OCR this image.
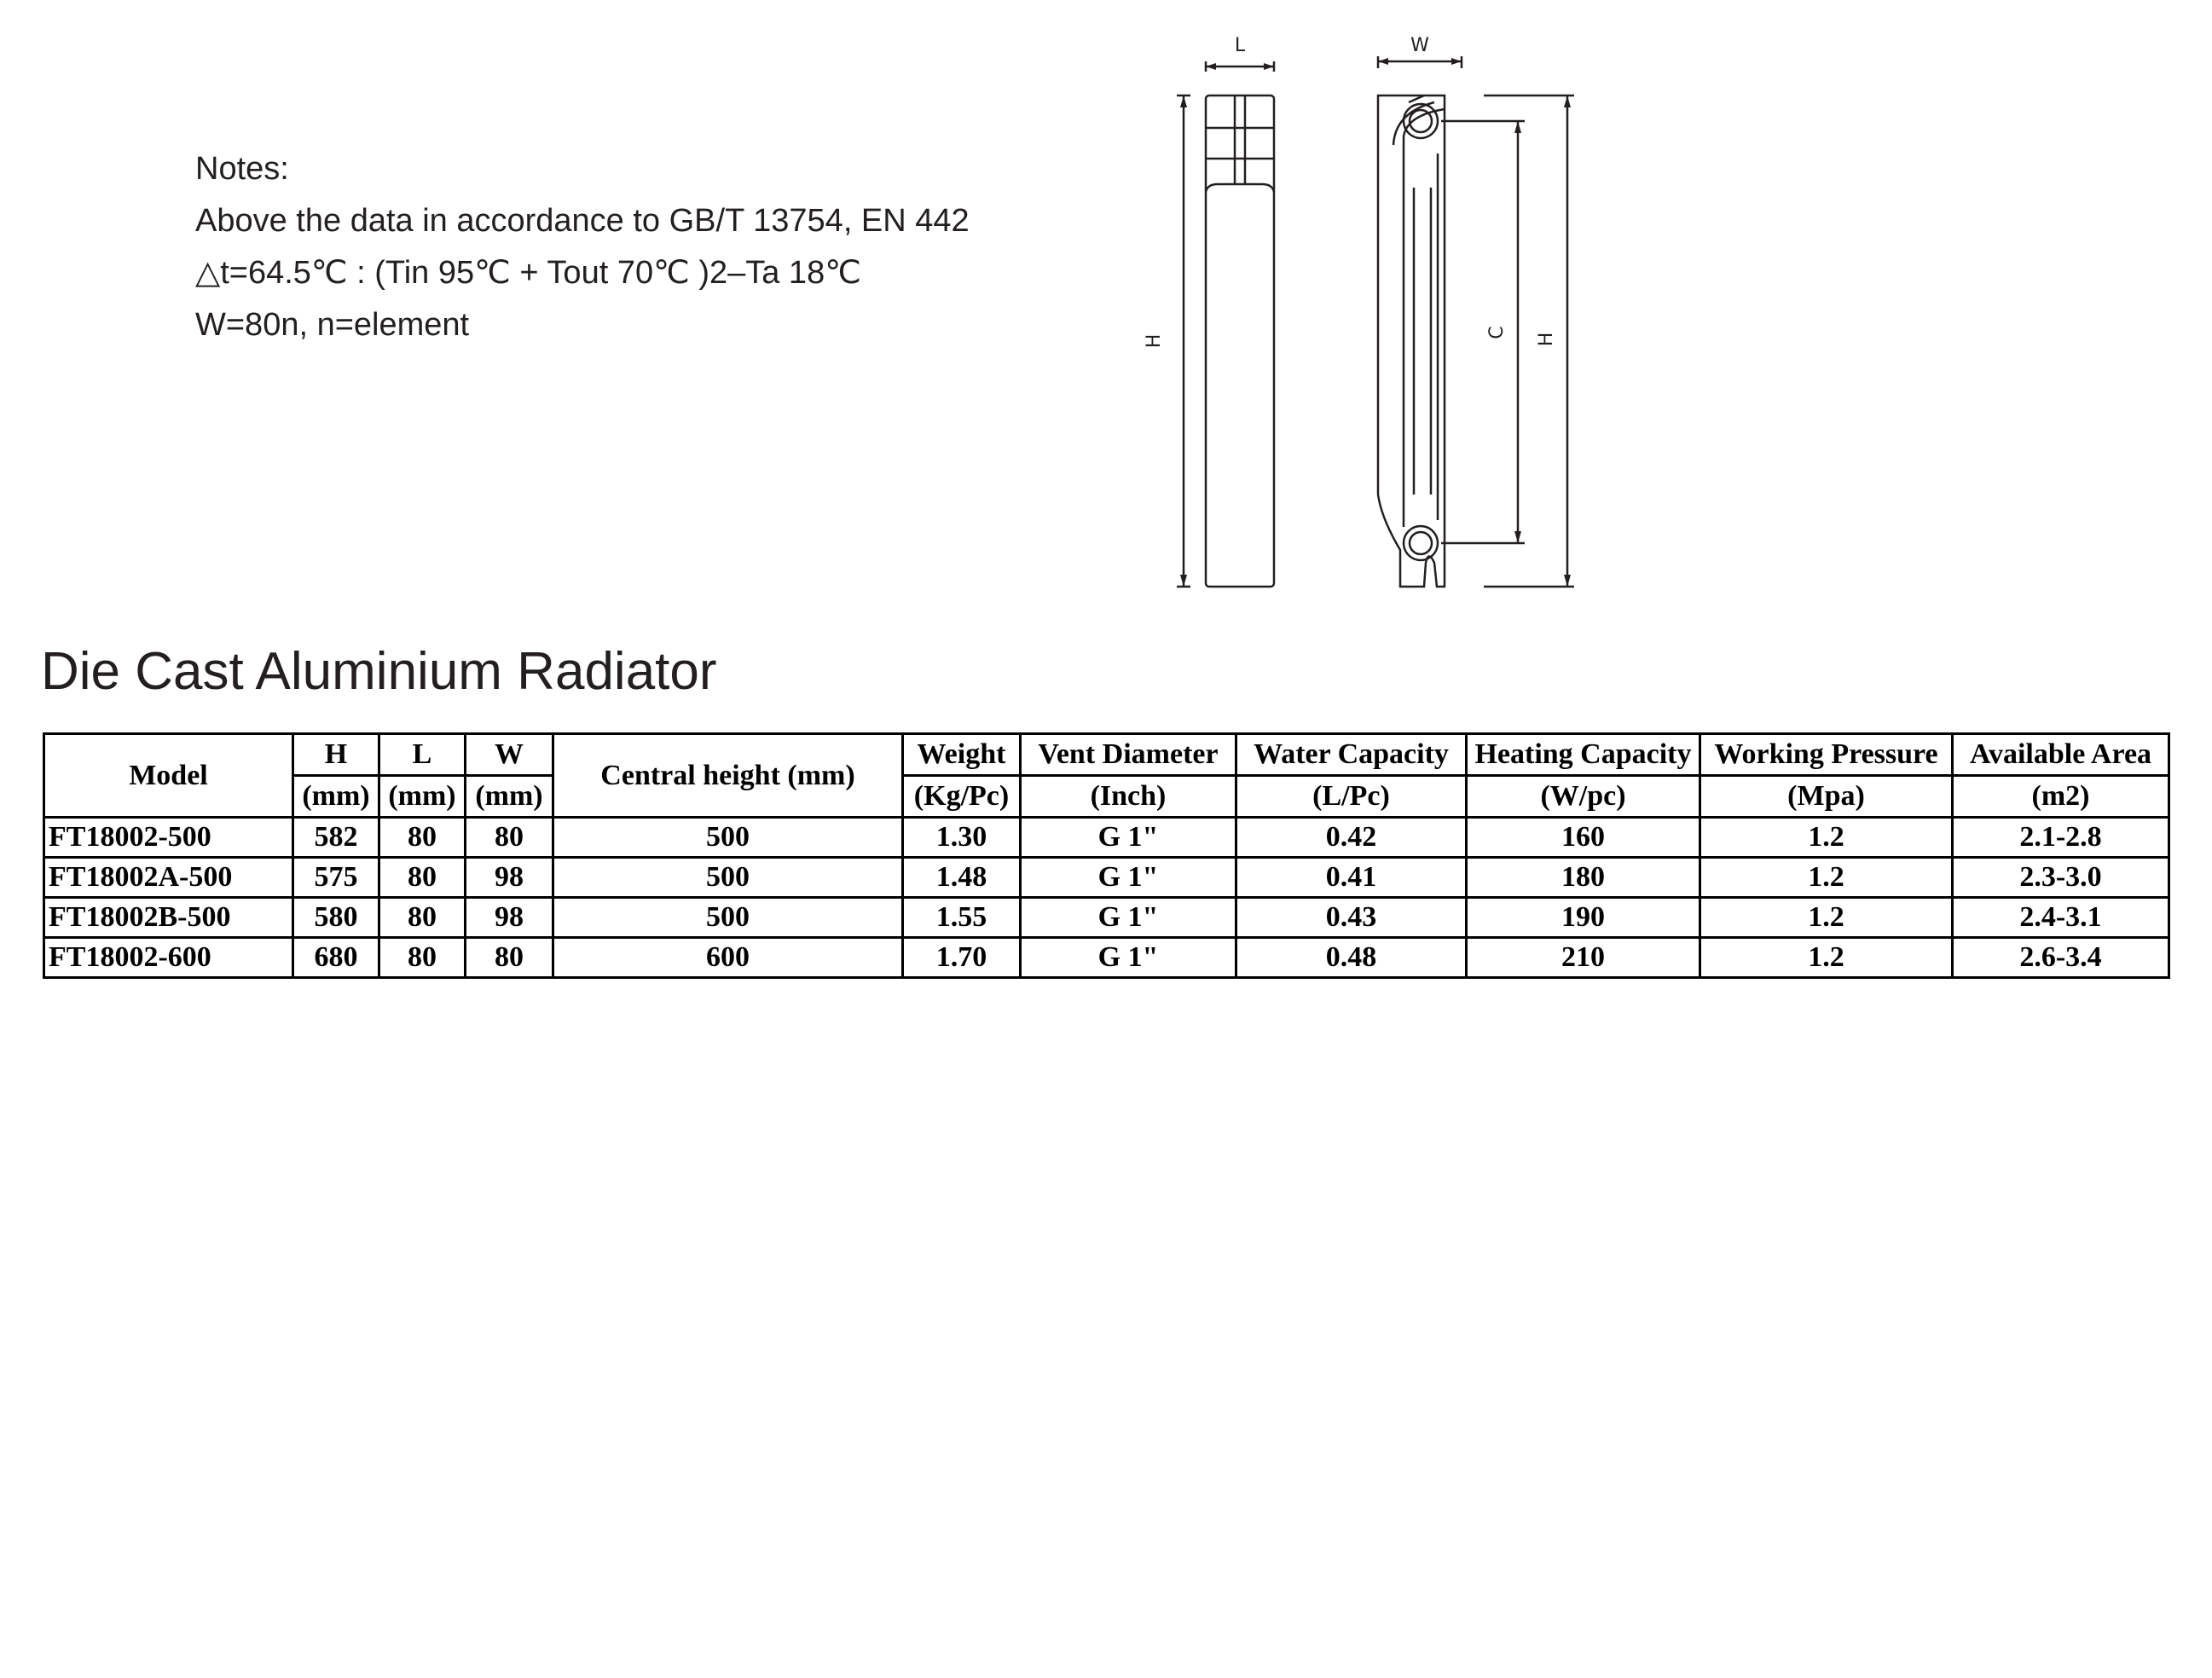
Notes:
Above the data in accordance to GB/T 13754, EN 442
△t=64.5℃ : (Tin 95℃ + Tout 70℃ )2–Ta 18℃
W=80n, n=element
L
H
W
C H
Die Cast Aluminium Radiator
Model	H	L	W	Central height (mm)	Weight	Vent Diameter	Water Capacity	Heating Capacity	Working Pressure	Available Area
	(mm)	(mm)	(mm)		(Kg/Pc)	(Inch)	(L/Pc)	(W/pc)	(Mpa)	(m2)
FT18002-500	582	80	80	500	1.30	G 1"	0.42	160	1.2	2.1-2.8
FT18002A-500	575	80	98	500	1.48	G 1"	0.41	180	1.2	2.3-3.0
FT18002B-500	580	80	98	500	1.55	G 1"	0.43	190	1.2	2.4-3.1
FT18002-600	680	80	80	600	1.70	G 1"	0.48	210	1.2	2.6-3.4
